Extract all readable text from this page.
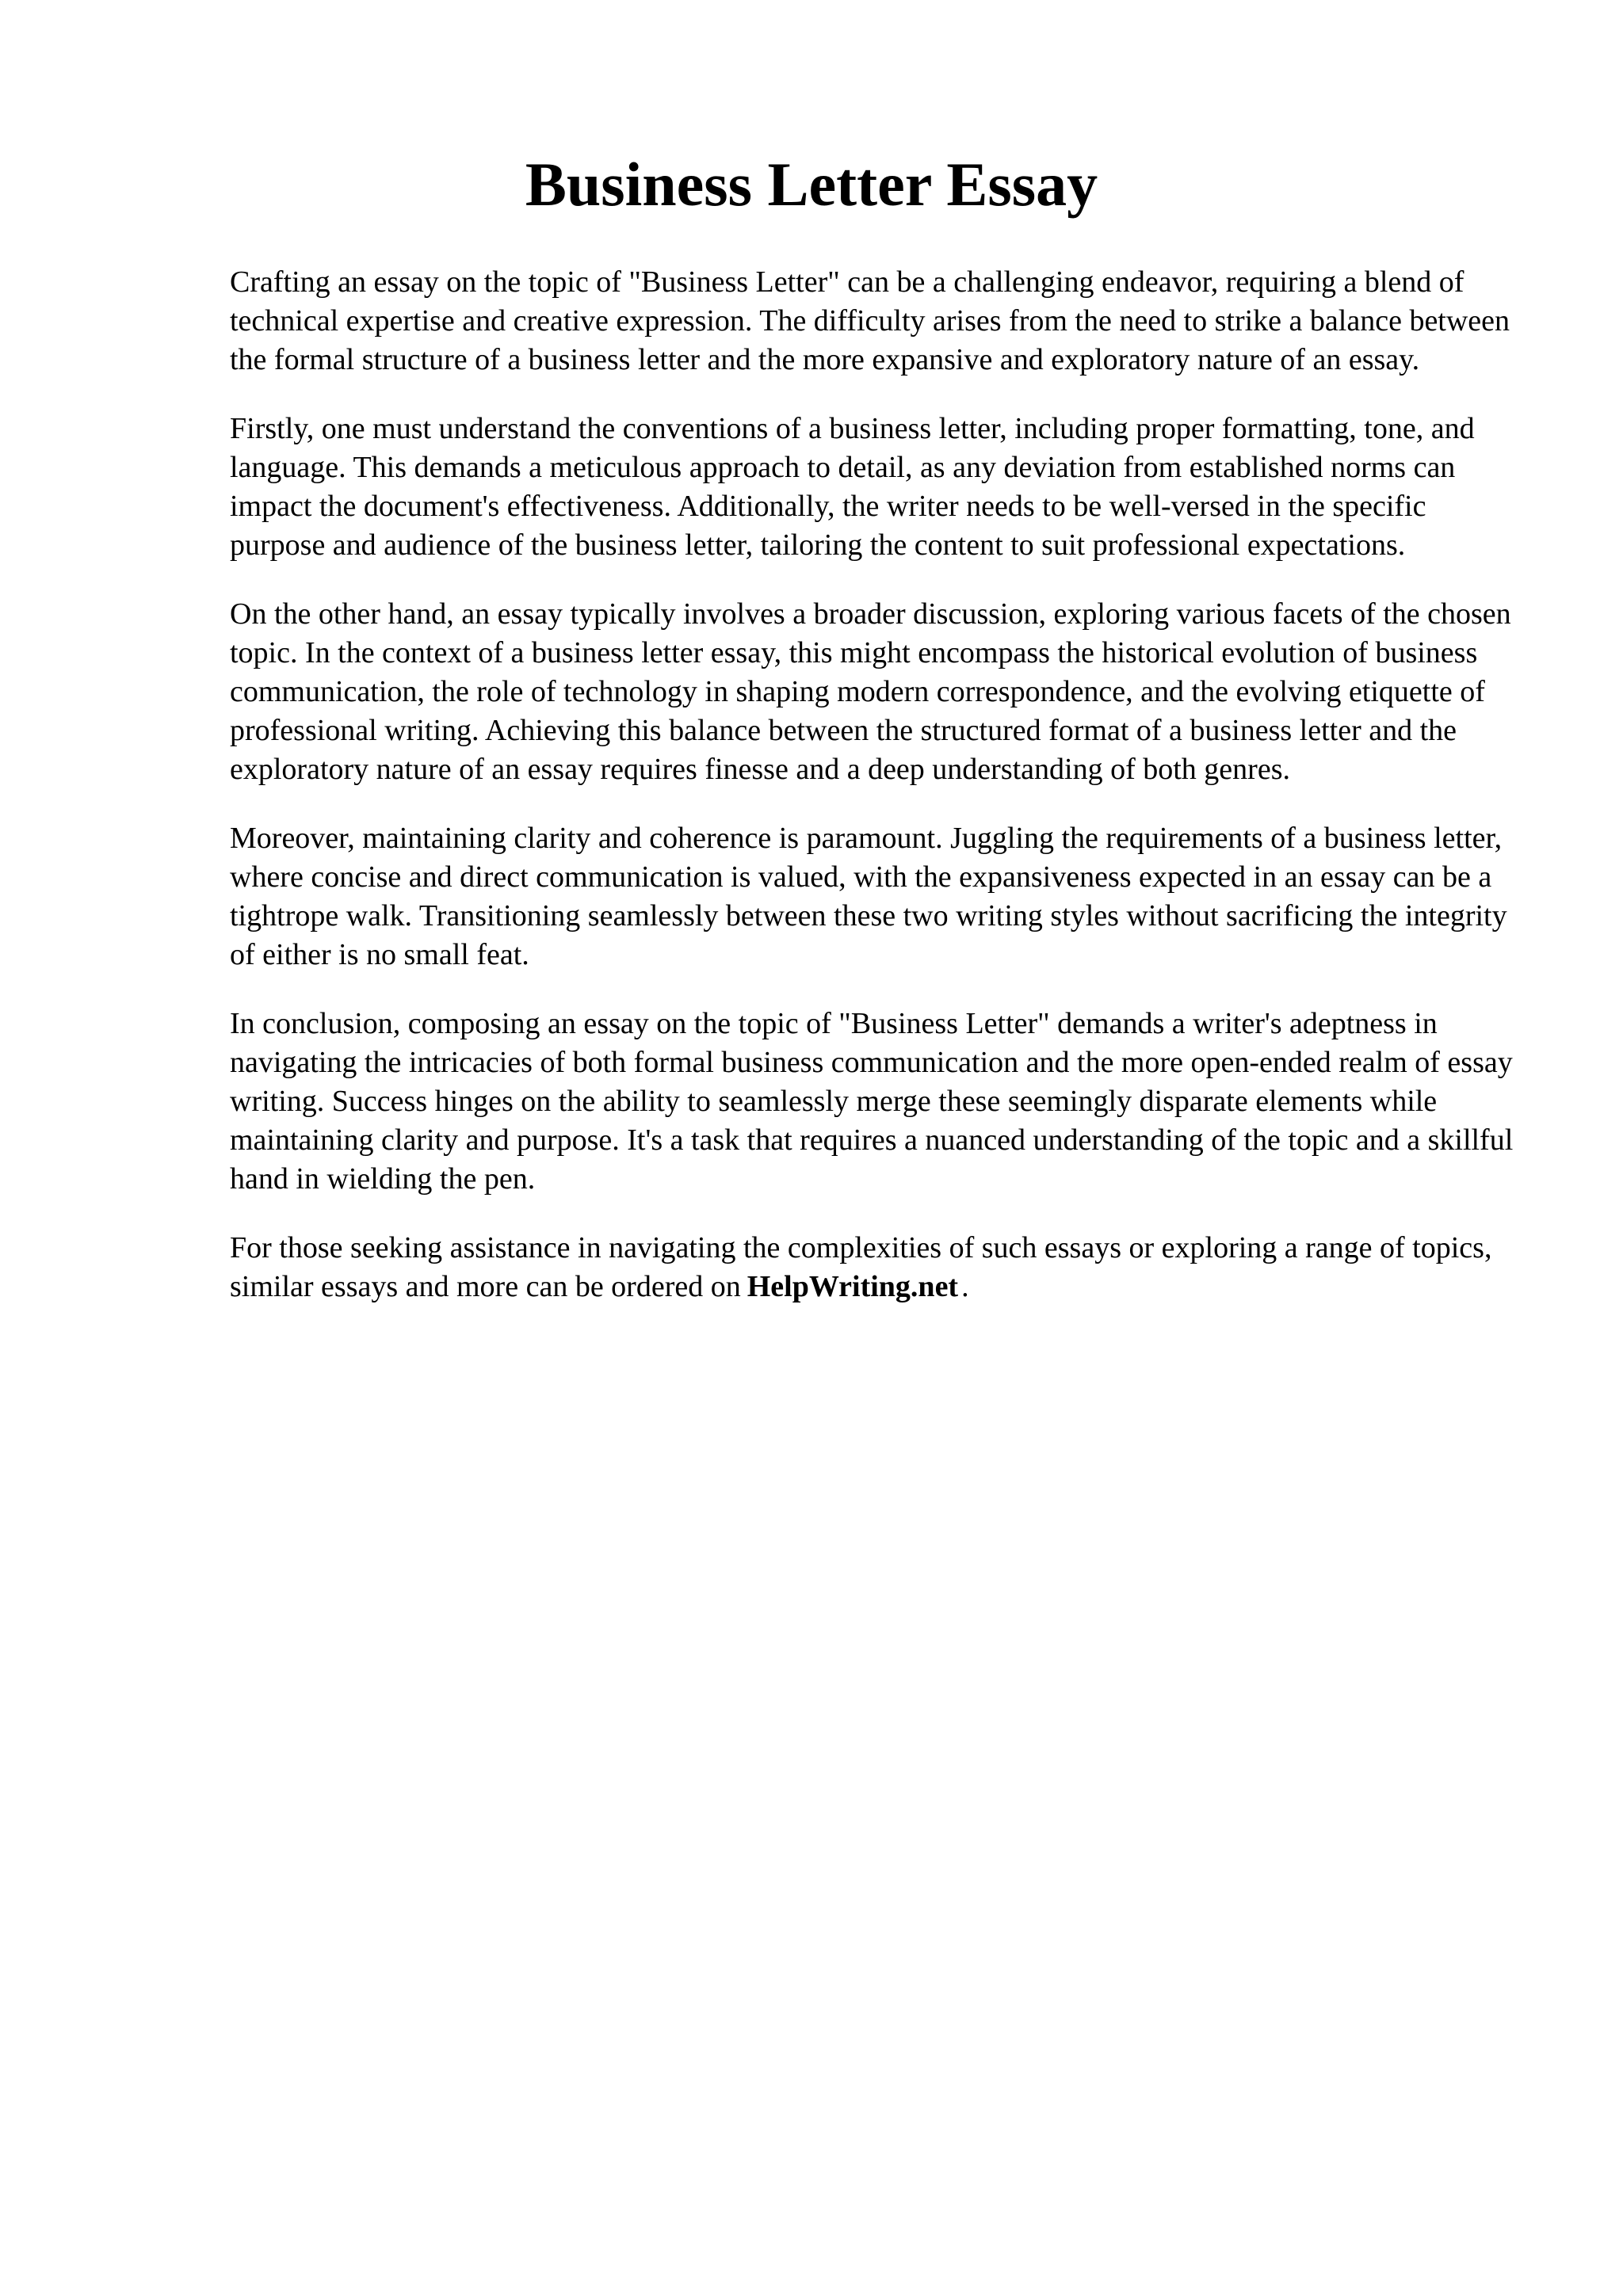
Business Letter Essay

Crafting an essay on the topic of "Business Letter" can be a challenging endeavor, requiring a blend of technical expertise and creative expression. The difficulty arises from the need to strike a balance between the formal structure of a business letter and the more expansive and exploratory nature of an essay.

Firstly, one must understand the conventions of a business letter, including proper formatting, tone, and language. This demands a meticulous approach to detail, as any deviation from established norms can impact the document's effectiveness. Additionally, the writer needs to be well-versed in the specific purpose and audience of the business letter, tailoring the content to suit professional expectations.

On the other hand, an essay typically involves a broader discussion, exploring various facets of the chosen topic. In the context of a business letter essay, this might encompass the historical evolution of business communication, the role of technology in shaping modern correspondence, and the evolving etiquette of professional writing. Achieving this balance between the structured format of a business letter and the exploratory nature of an essay requires finesse and a deep understanding of both genres.

Moreover, maintaining clarity and coherence is paramount. Juggling the requirements of a business letter, where concise and direct communication is valued, with the expansiveness expected in an essay can be a tightrope walk. Transitioning seamlessly between these two writing styles without sacrificing the integrity of either is no small feat.

In conclusion, composing an essay on the topic of "Business Letter" demands a writer's adeptness in navigating the intricacies of both formal business communication and the more open-ended realm of essay writing. Success hinges on the ability to seamlessly merge these seemingly disparate elements while maintaining clarity and purpose. It's a task that requires a nuanced understanding of the topic and a skillful hand in wielding the pen.

For those seeking assistance in navigating the complexities of such essays or exploring a range of topics, similar essays and more can be ordered on HelpWriting.net .
